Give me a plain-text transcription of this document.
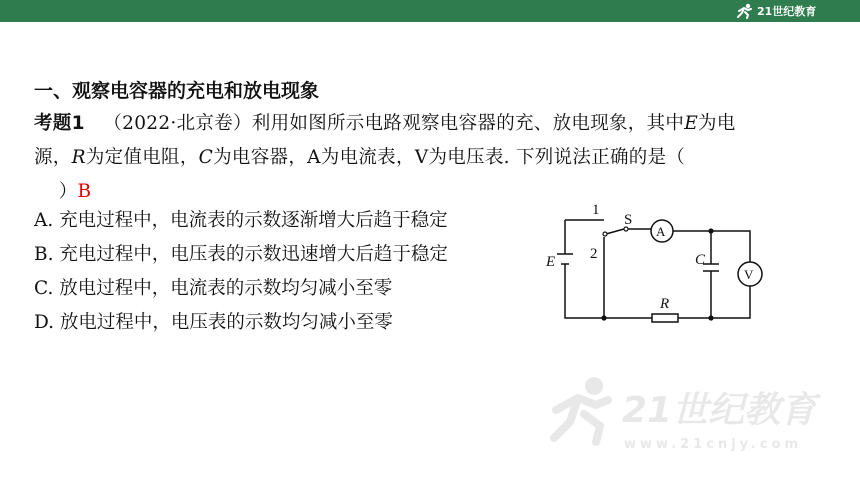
21世纪教育
一、观察电容器的充电和放电现象
考题1 （2022·北京卷）利用如图所示电路观察电容器的充、放电现象，其中E为电
源，R为定值电阻，C为电容器，A为电流表，V为电压表. 下列说法正确的是（
）B
A. 充电过程中，电流表的示数逐渐增大后趋于稳定
B. 充电过程中，电压表的示数迅速增大后趋于稳定
C. 放电过程中，电流表的示数均匀减小至零
D. 放电过程中，电压表的示数均匀减小至零
1
S
A
2
E	C
V
R
21世纪教育
www.21cnjy.com
